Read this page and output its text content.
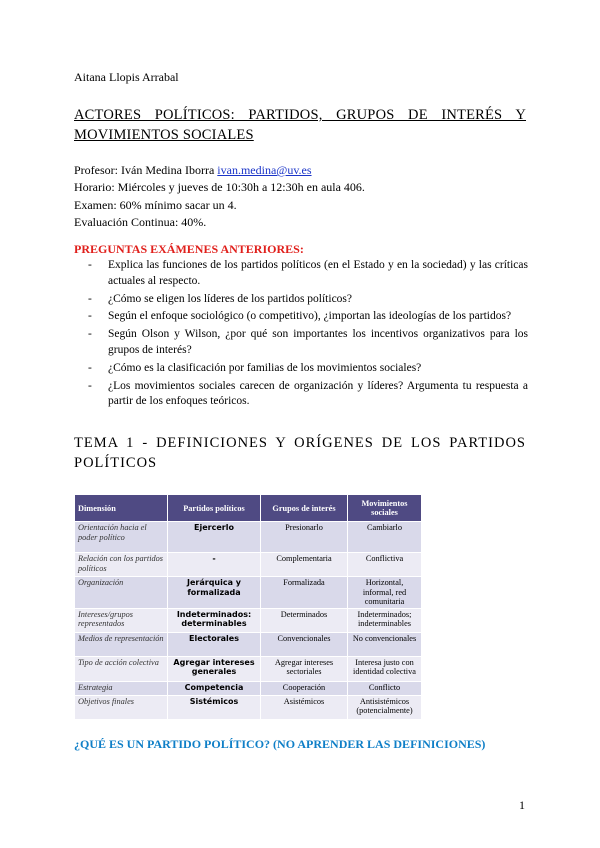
Aitana Llopis Arrabal
ACTORES POLÍTICOS: PARTIDOS, GRUPOS DE INTERÉS Y MOVIMIENTOS SOCIALES
Profesor: Iván Medina Iborra ivan.medina@uv.es
Horario: Miércoles y jueves de 10:30h a 12:30h en aula 406.
Examen: 60% mínimo sacar un 4.
Evaluación Continua: 40%.
PREGUNTAS EXÁMENES ANTERIORES:
- Explica las funciones de los partidos políticos (en el Estado y en la sociedad) y las críticas actuales al respecto.
- ¿Cómo se eligen los líderes de los partidos políticos?
- Según el enfoque sociológico (o competitivo), ¿importan las ideologías de los partidos?
- Según Olson y Wilson, ¿por qué son importantes los incentivos organizativos para los grupos de interés?
- ¿Cómo es la clasificación por familias de los movimientos sociales?
- ¿Los movimientos sociales carecen de organización y líderes? Argumenta tu respuesta a partir de los enfoques teóricos.
TEMA 1 - DEFINICIONES Y ORÍGENES DE LOS PARTIDOS POLÍTICOS
Dimensión	Partidos políticos	Grupos de interés	Movimientos sociales
Orientación hacia el poder político	Ejercerlo	Presionarlo	Cambiarlo
Relación con los partidos políticos	-	Complementaria	Conflictiva
Organización	Jerárquica y formalizada	Formalizada	Horizontal, informal, red comunitaria
Intereses/grupos representados	Indeterminados: determinables	Determinados	Indeterminados; indeterminables
Medios de representación	Electorales	Convencionales	No convencionales
Tipo de acción colectiva	Agregar intereses generales	Agregar intereses sectoriales	Interesa justo con identidad colectiva
Estrategia	Competencia	Cooperación	Conflicto
Objetivos finales	Sistémicos	Asistémicos	Antisistémicos (potencialmente)
¿QUÉ ES UN PARTIDO POLÍTICO? (NO APRENDER LAS DEFINICIONES)
1
